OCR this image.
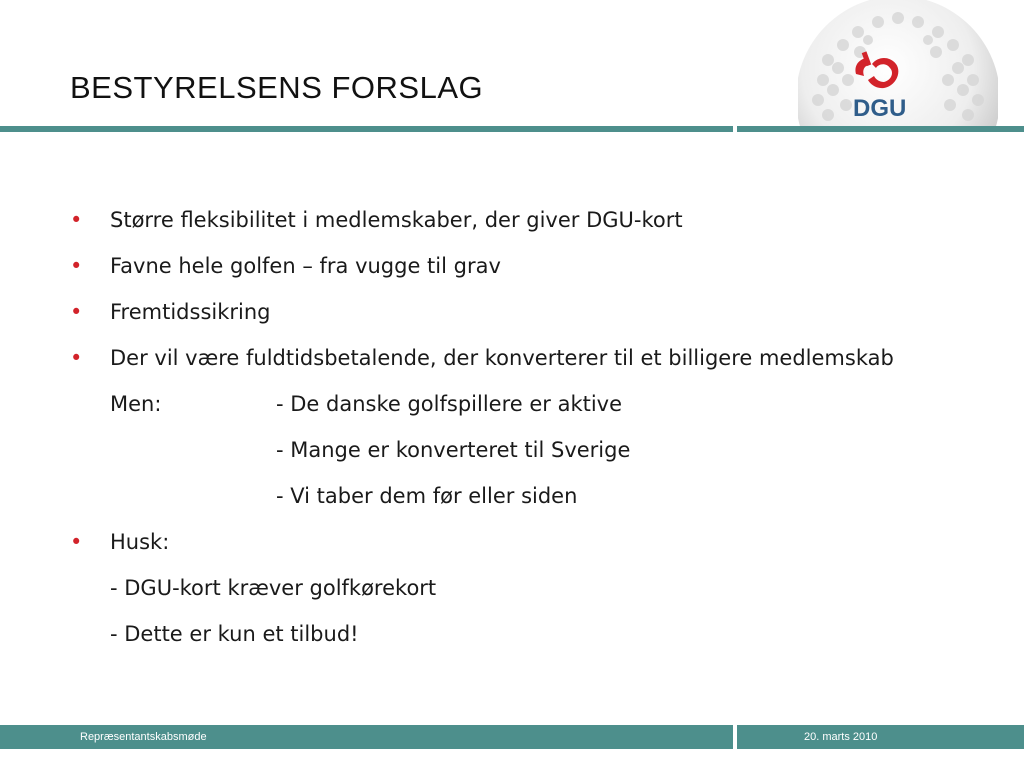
BESTYRELSENS FORSLAG
DGU
• Større fleksibilitet i medlemskaber, der giver DGU-kort
• Favne hele golfen – fra vugge til grav
• Fremtidssikring
• Der vil være fuldtidsbetalende, der konverterer til et billigere medlemskab
Men:	- De danske golfspillere er aktive
- Mange er konverteret til Sverige
- Vi taber dem før eller siden
• Husk:
- DGU-kort kræver golfkørekort
- Dette er kun et tilbud!
Repræsentantskabsmøde	20. marts 2010
